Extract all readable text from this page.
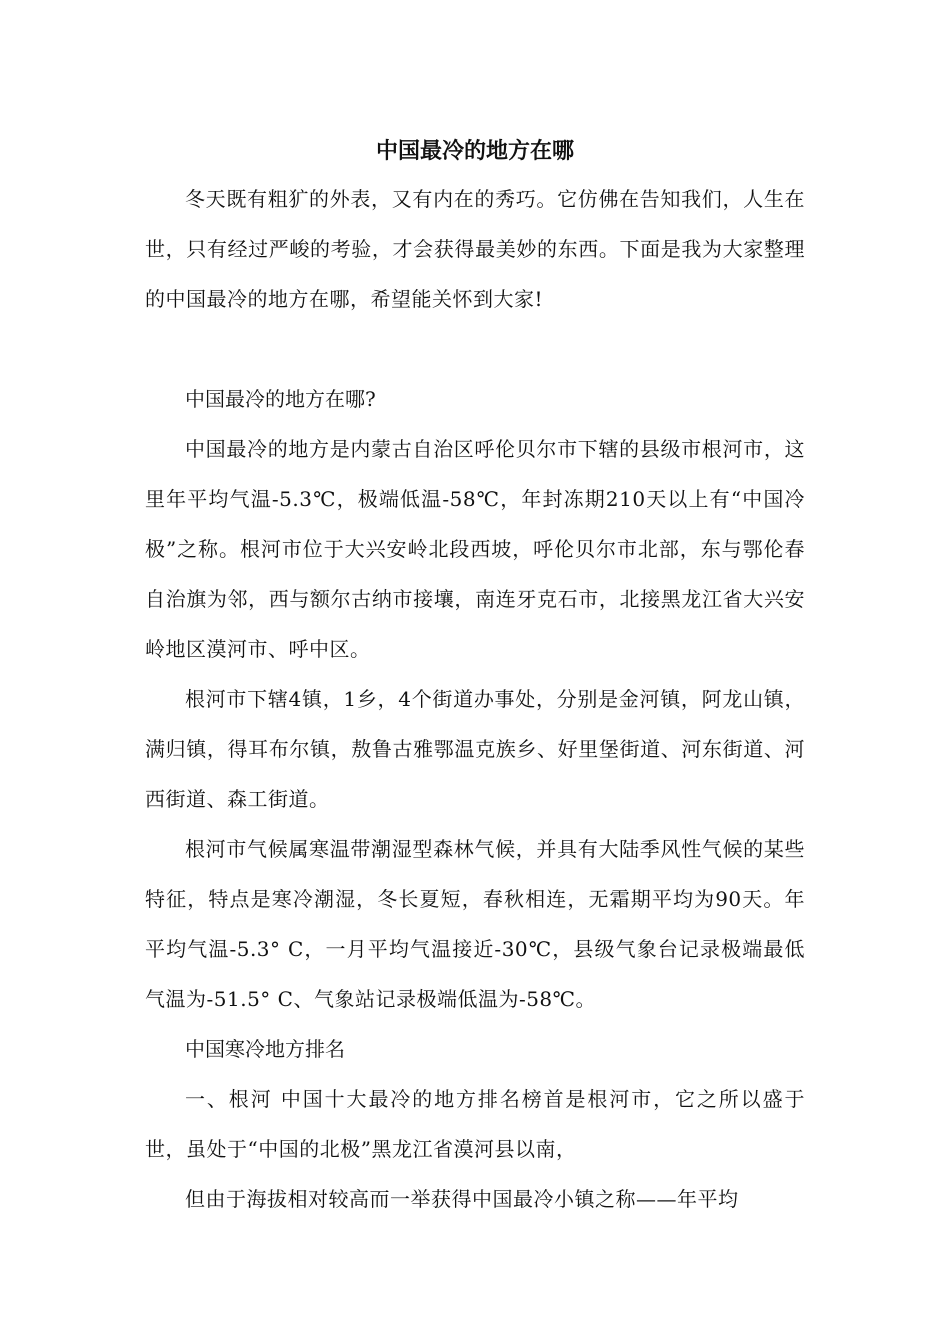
中国最冷的地方在哪

冬天既有粗犷的外表，又有内在的秀巧。它仿佛在告知我们，人生在世，只有经过严峻的考验，才会获得最美妙的东西。下面是我为大家整理的中国最冷的地方在哪，希望能关怀到大家!

中国最冷的地方在哪?

中国最冷的地方是内蒙古自治区呼伦贝尔市下辖的县级市根河市，这里年平均气温-5.3℃，极端低温-58℃，年封冻期210天以上有“中国冷极”之称。根河市位于大兴安岭北段西坡，呼伦贝尔市北部，东与鄂伦春自治旗为邻，西与额尔古纳市接壤，南连牙克石市，北接黑龙江省大兴安岭地区漠河市、呼中区。

根河市下辖4镇，1乡，4个街道办事处，分别是金河镇，阿龙山镇，满归镇，得耳布尔镇，敖鲁古雅鄂温克族乡、好里堡街道、河东街道、河西街道、森工街道。

根河市气候属寒温带潮湿型森林气候，并具有大陆季风性气候的某些特征，特点是寒冷潮湿，冬长夏短，春秋相连，无霜期平均为90天。年平均气温-5.3° C，一月平均气温接近-30℃，县级气象台记录极端最低气温为-51.5° C、气象站记录极端低温为-58℃。

中国寒冷地方排名

一、根河 中国十大最冷的地方排名榜首是根河市，它之所以盛于世，虽处于“中国的北极”黑龙江省漠河县以南，

但由于海拔相对较高而一举获得中国最冷小镇之称——年平均
